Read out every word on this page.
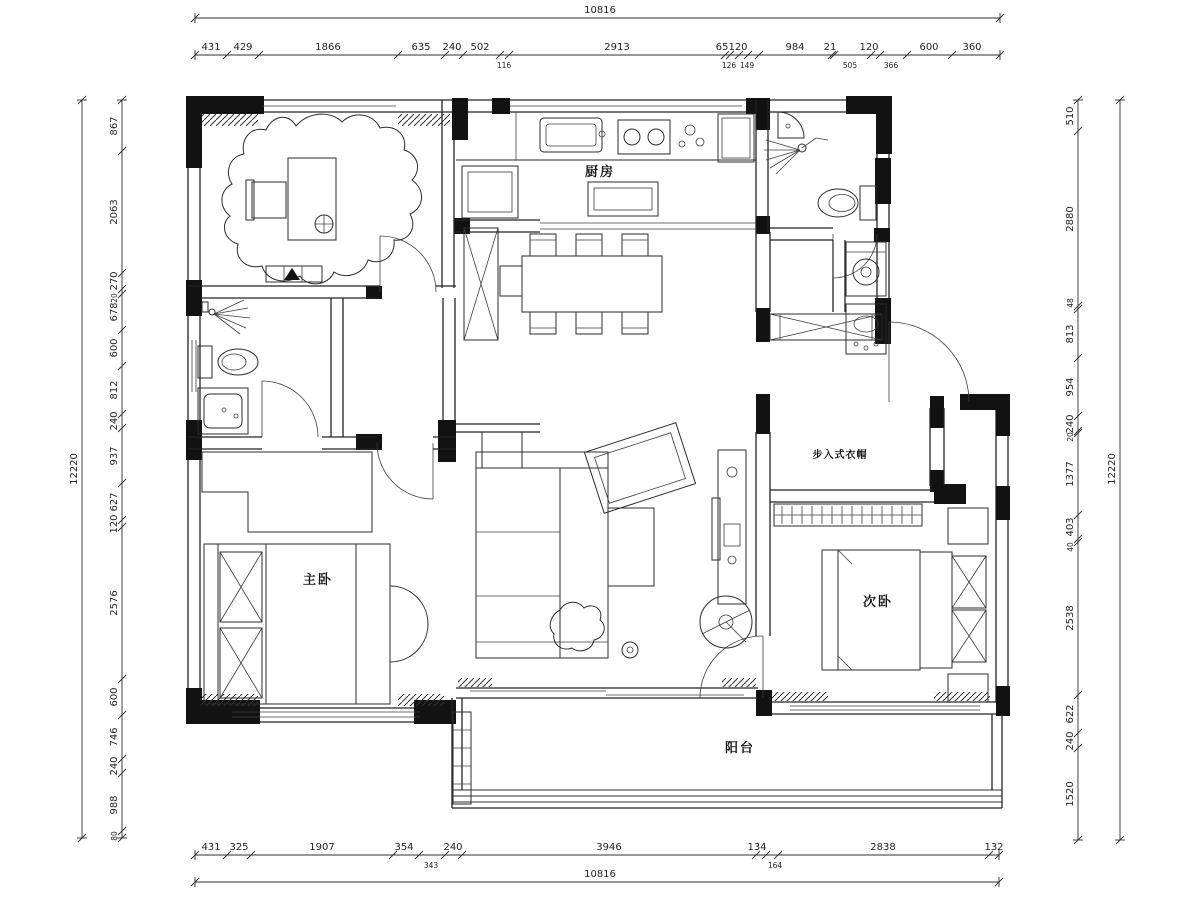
厨房
步入式衣帽
主卧
次卧
阳台
431 429	1866	635 240 502
116
2913	65 120
126 149
984 21
505
120
366
600 360
431 325	1907	354
343
240	3946	134
164
2838	132
867
2063
270
20
678
600
812
240
937
627
120
2576
600
746
240
988
80
510
2880
48
813
954
240
20
1377
403
40
2538
622
240
1520
10816
10816
12220	12220
